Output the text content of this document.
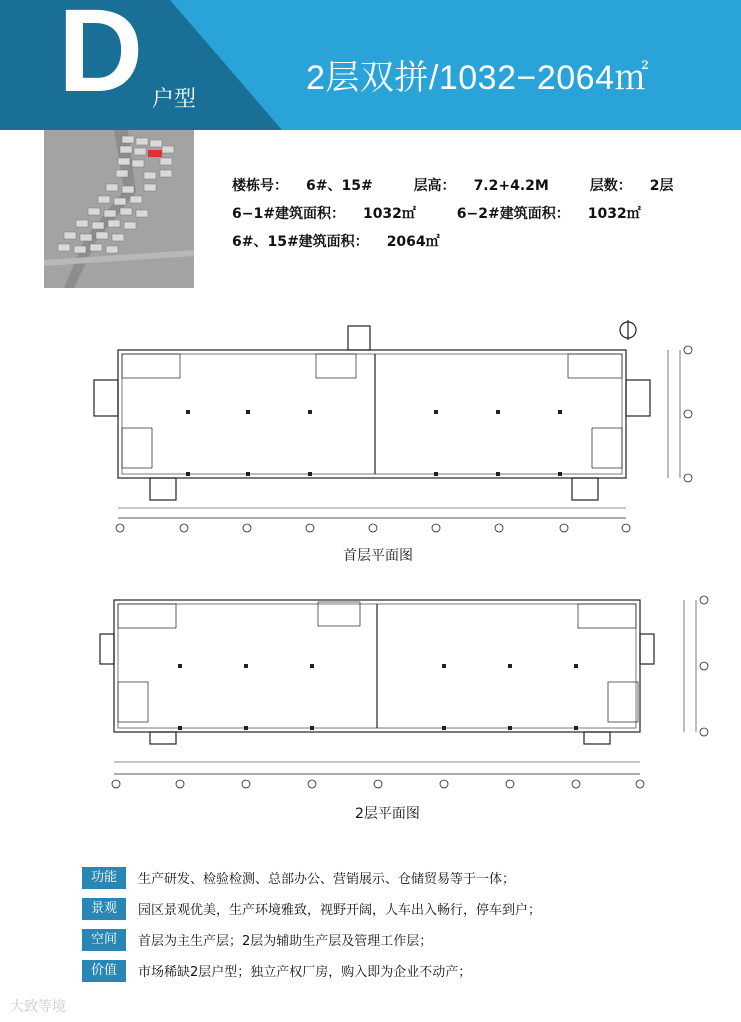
D 户型
2层双拼/1032−2064㎡
楼栋号： 6#、15#	层高： 7.2+4.2M	层数： 2层
6−1#建筑面积： 1032㎡	6−2#建筑面积： 1032㎡
6#、15#建筑面积： 2064㎡
首层平面图
2层平面图
功能	生产研发、检验检测、总部办公、营销展示、仓储贸易等于一体；
景观	园区景观优美，生产环境雅致，视野开阔，人车出入畅行，停车到户；
空间	首层为主生产层；2层为辅助生产层及管理工作层；
价值	市场稀缺2层户型；独立产权厂房，购入即为企业不动产；
大致等境
